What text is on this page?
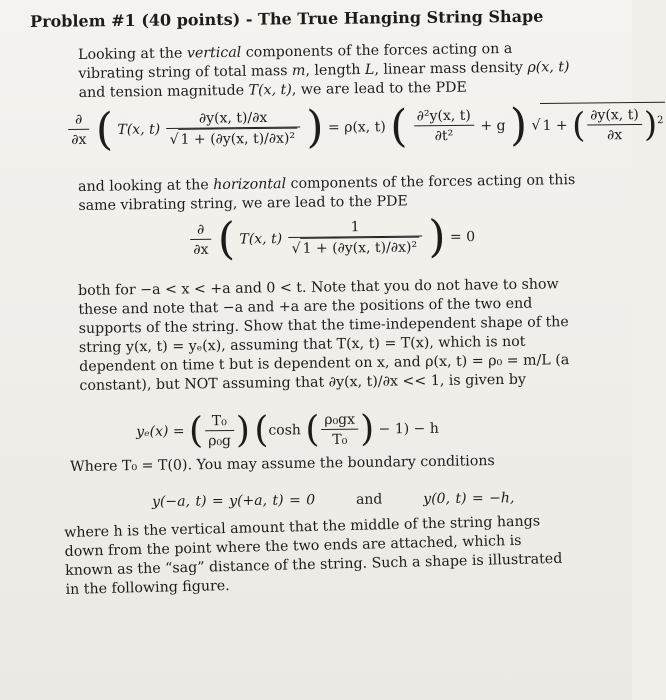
Problem #1 (40 points) - The True Hanging String Shape
Looking at the vertical components of the forces acting on a vibrating string of total mass m, length L, linear mass density ρ(x, t) and tension magnitude T(x, t), we are lead to the PDE
$\frac{\partial}{\partial x}$ ( T(x, $t) \frac{\partial y(x, t)/\partial x}{\text{√ 1 + (∂y(x, t)/∂x)²}}$ ) = ρ(x, t) ( $\frac{\text{∂²y(x, t)}}{\text{∂t²}} + g$ ) √ 1 + ( $\frac{\partial y(x, t)}{\partial x} )^2$
and looking at the horizontal components of the forces acting on this same vibrating string, we are lead to the PDE
$\frac{\partial}{\partial x}$ ( T(x, $t) \frac{1}{\text{√ 1 + (∂y(x, t)/∂x)²}}$ ) = 0
both for −a < x < +a and 0 < t. Note that you do not have to show these and note that −a and +a are the positions of the two end supports of the string. Show that the time-independent shape of the string y(x, t) = yₑ(x), assuming that T(x, t) = T(x), which is not dependent on time t but is dependent on x, and ρ(x, t) = ρ₀ = m/L (a constant), but NOT assuming that ∂y(x, t)/∂x << 1, is given by
yₑ(x) = ( $\frac{\text{T₀}}{\text{ρ₀g}}$ ) (cosh ( $\frac{\text{ρ₀gx}}{\text{T₀}}$ ) − 1) − h
Where T₀ = T(0). You may assume the boundary conditions
y(−a, t) = y(+a, t) = 0	and	y(0, t) = −h,
where h is the vertical amount that the middle of the string hangs down from the point where the two ends are attached, which is known as the “sag” distance of the string. Such a shape is illustrated in the following figure.
